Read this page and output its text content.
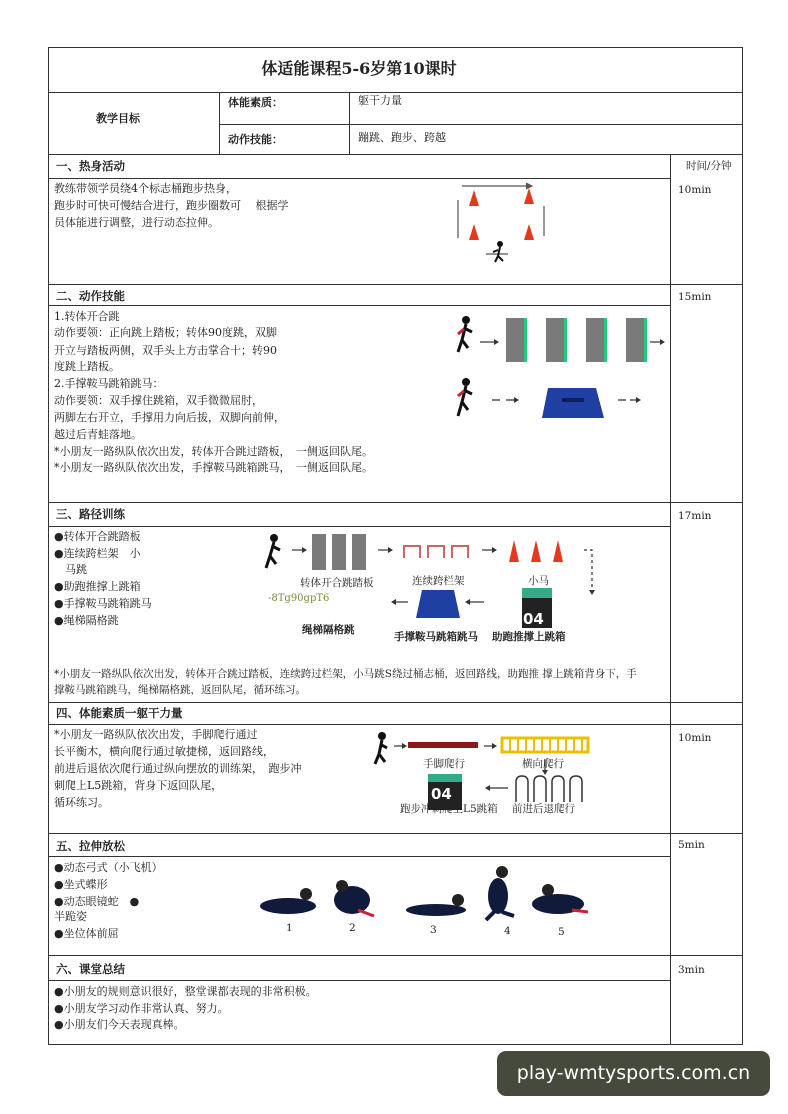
体适能课程5-6岁第10课时
教学目标
体能素质：	躯干力量
动作技能：	蹦跳、跑步、跨越
时间/分钟
一、热身活动
10min
教练带领学员绕4个标志桶跑步热身，
跑步时可快可慢结合进行，跑步圈数可　 根据学
员体能进行调整，进行动态拉伸。
二、动作技能	15min
1.转体开合跳
动作要领：正向跳上踏板；转体90度跳，双脚
开立与踏板两侧，双手头上方击掌合十；转90
度跳上踏板。
2.手撑鞍马跳箱跳马：
动作要领：双手撑住跳箱，双手微微屈肘，
两脚左右开立，手撑用力向后拔，双脚向前伸，
越过后青蛙落地。
*小朋友一路纵队依次出发，转体开合跳过踏板，　一侧返回队尾。
*小朋友一路纵队依次出发，手撑鞍马跳箱跳马，　一侧返回队尾。
三、路径训练	17min
●转体开合跳踏板
●连续跨栏架　小
　马跳
●助跑推撑上跳箱
●手撑鞍马跳箱跳马
●绳梯隔格跳
转体开合跳踏板	连续跨栏架	小马
-8Tg90gpT6
绳梯隔格跳
手撑鞍马跳箱跳马 助跑推撑上跳箱
04
*小朋友一路纵队依次出发，转体开合跳过踏板，连续跨过栏架，小马跳S绕过桶志桶，返回路线，助跑推 撑上跳箱背身下，手
撑鞍马跳箱跳马，绳梯隔格跳，返回队尾，循环练习。
四、体能素质一躯干力量
10min
*小朋友一路纵队依次出发，手脚爬行通过
长平衡木，横向爬行通过敏捷梯，返回路线，
前进后退依次爬行通过纵向摆放的训练架，　跑步冲
刺爬上L5跳箱，背身下返回队尾，
循环练习。
手脚爬行	横向爬行
跑步冲刺爬上L5跳箱 前进后退爬行
04
五、拉伸放松	5min
●动态弓式（小飞机）
●坐式蝶形
●动态眼镜蛇　●
半跪姿
●坐位体前屈	1	2	3	4	5
六、课堂总结	3min
●小朋友的规则意识很好，整堂课都表现的非常积极。
●小朋友学习动作非常认真、努力。
●小朋友们今天表现真棒。
play-wmtysports.com.cn
